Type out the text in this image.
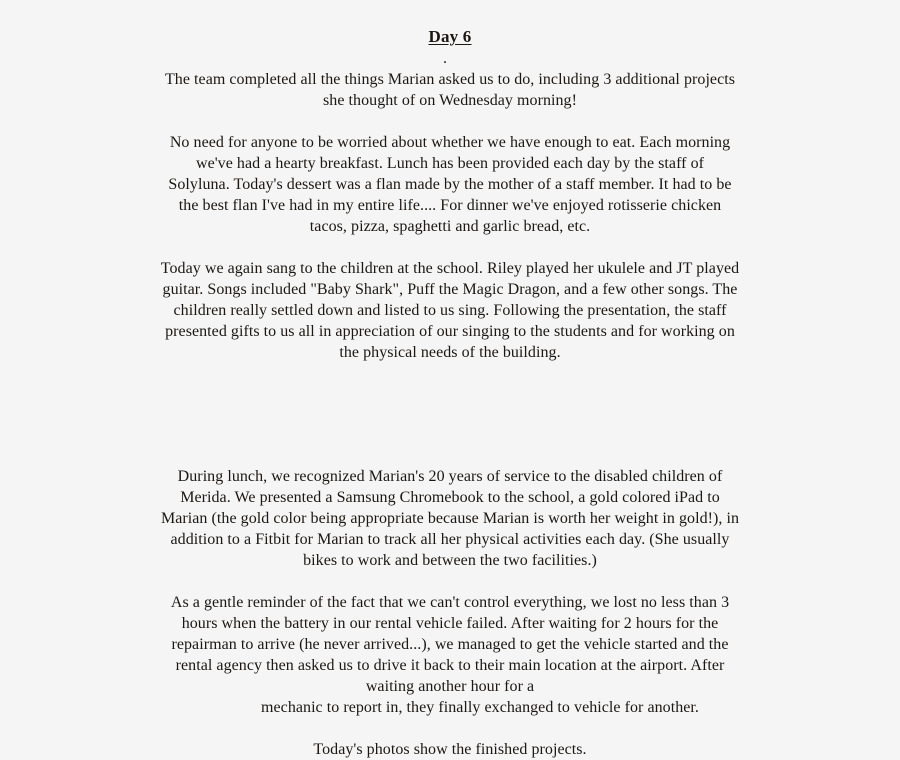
Day 6

.

The team completed all the things Marian asked us to do, including 3 additional projects she thought of on Wednesday morning!

No need for anyone to be worried about whether we have enough to eat. Each morning we've had a hearty breakfast. Lunch has been provided each day by the staff of Solyluna. Today's dessert was a flan made by the mother of a staff member. It had to be the best flan I've had in my entire life.... For dinner we've enjoyed rotisserie chicken tacos, pizza, spaghetti and garlic bread, etc.

Today we again sang to the children at the school. Riley played her ukulele and JT played guitar. Songs included "Baby Shark", Puff the Magic Dragon, and a few other songs. The children really settled down and listed to us sing. Following the presentation, the staff presented gifts to us all in appreciation of our singing to the students and for working on the physical needs of the building.

During lunch, we recognized Marian's 20 years of service to the disabled children of Merida. We presented a Samsung Chromebook to the school, a gold colored iPad to Marian (the gold color being appropriate because Marian is worth her weight in gold!), in addition to a Fitbit for Marian to track all her physical activities each day. (She usually bikes to work and between the two facilities.)

As a gentle reminder of the fact that we can't control everything, we lost no less than 3 hours when the battery in our rental vehicle failed. After waiting for 2 hours for the repairman to arrive (he never arrived...), we managed to get the vehicle started and the rental agency then asked us to drive it back to their main location at the airport. After waiting another hour for a
mechanic to report in, they finally exchanged to vehicle for another.

Today's photos show the finished projects.
